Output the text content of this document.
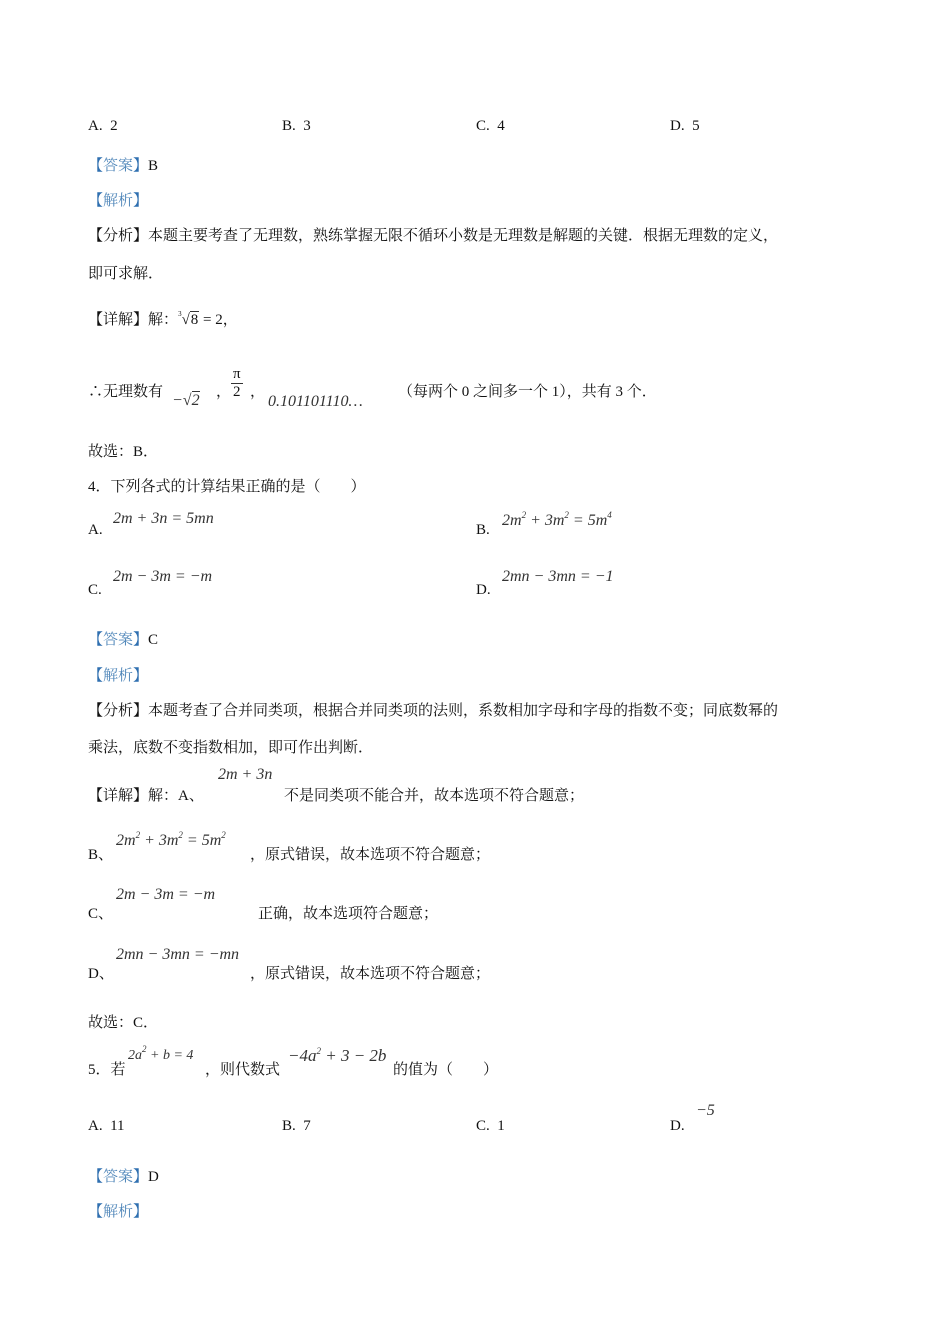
A. 2	B. 3	C. 4	D. 5
【答案】B
【解析】
【分析】本题主要考查了无理数，熟练掌握无限不循环小数是无理数是解题的关键．根据无理数的定义，
即可求解．
【详解】解：$^3$√8 = 2，
∴无理数有 −√2 ， $\frac{\pi}{2}$ ，
0.101101110…
（每两个 0 之间多一个 1），共有 3 个．
故选：B．
4．下列各式的计算结果正确的是（　　）
A.
2m + 3n = 5mn
B.
$2m^2 + 3m^2 = 5m^4$
C.
2m − 3m = −m
D.
2mn − 3mn = −1
【答案】C
【解析】
【分析】本题考查了合并同类项，根据合并同类项的法则，系数相加字母和字母的指数不变；同底数幂的
乘法，底数不变指数相加，即可作出判断．
【详解】解：A、
2m + 3n
不是同类项不能合并，故本选项不符合题意；
B、
$2m^2 + 3m^2 = 5m^2$
，原式错误，故本选项不符合题意；
C、
2m − 3m = −m
正确，故本选项符合题意；
D、
2mn − 3mn = −mn
，原式错误，故本选项不符合题意；
故选：C．
5．若
$2a^2 + b = 4$
，则代数式
$-4a^2 + 3 - 2b$
的值为（　　）
A. 11	B. 7	C. 1	D.
−5
【答案】D
【解析】
